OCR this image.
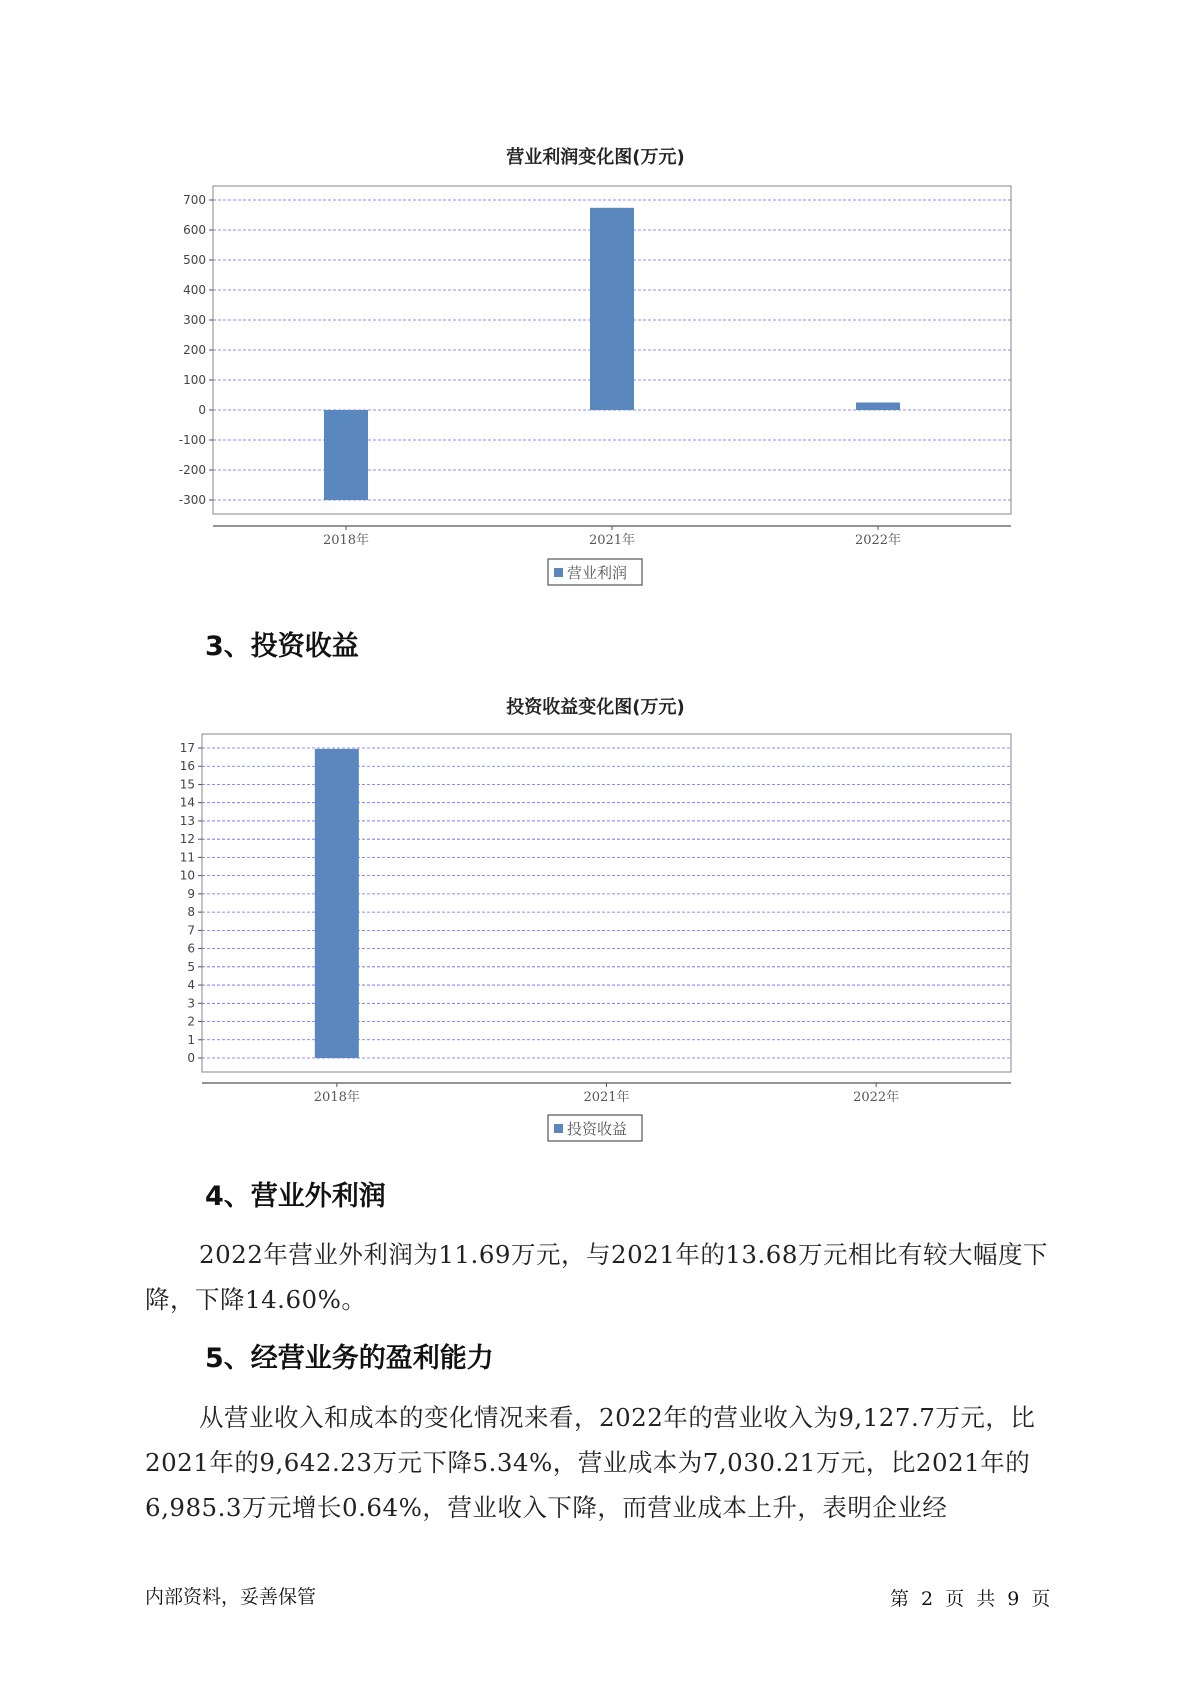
营业利润变化图(万元)
700
600
500
400
300
200
100
0
-100
-200
-300
2018年	2021年	2022年
营业利润
3、投资收益
投资收益变化图(万元)
17
16
15
14
13
12
11
10
9
8
7
6
5
4
3
2
1
0
2018年	2021年	2022年
投资收益
4、营业外利润
2022年营业外利润为11.69万元，与2021年的13.68万元相比有较大幅度下降，下降14.60%。
5、经营业务的盈利能力
从营业收入和成本的变化情况来看，2022年的营业收入为9,127.7万元，比2021年的9,642.23万元下降5.34%，营业成本为7,030.21万元，比2021年的6,985.3万元增长0.64%，营业收入下降，而营业成本上升，表明企业经
内部资料，妥善保管	第 2 页 共 9 页
